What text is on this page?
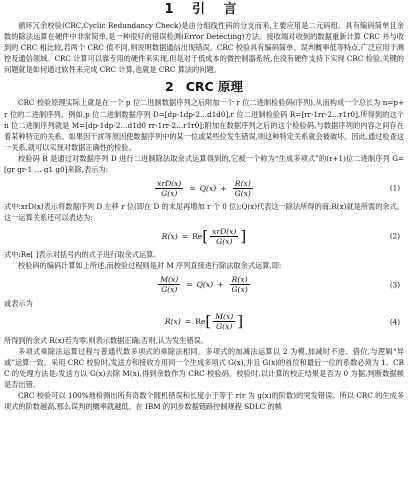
1 引 言

循环冗余校验(CRC,Cyclic Redundancy Check)是由分组线性码的分支而来,主要应用是二元码组。具有编码简单且余数的除法运算在硬件中非常简单,是一种很好的错误检测(Error Detecting)方法。接收端对收到的数据重新计算 CRC 并与收到的 CRC 相比较,若两个 CRC 值不同,则说明数据通信出现错误。CRC 校验具有编码简单、误判概率低等特点,广泛应用于测控及通信领域。CRC 计算可以靠专用的硬件来实现,但是对于低成本的微控制器系统,在没有硬件支持下实现 CRC 检验,关键的问题就是如何通过软件来完成 CRC 计算,也就是 CRC 算法的问题。

2 CRC 原理

CRC 校验原理实际上就是在一个 p 位二进制数据序列之后附加一个 r 位二进制检验码(序列),从而构成一个总长为 n=p+r 位的二进制序列。例如,p 位二进制数据序列 D=[dp-1dp-2…d1d0],r 位二进制检验码 R=[rr-1rr-2…r1r0],所得到的这个 n 位二进制序列就是 M=[dp-1dp-2…d1d0 rr-1rr-2…r1r0];附加在数据序列之后的这个检验码,与数据序列的内容之间存在着某种特定的关系。如果因干扰等原因使数据序列中的某一位或某些位发生错误,则这种特定关系就会被破坏。因此,通过检查这一关系,就可以实现对数据正确性的检验。

校验码 R 是通过对数据序列 D 进行二进制除法取余式运算得到的,它被一个称为“生成多项式”的(r+1)位二进制序列 G=[gr gr-1 … g1 g0]来除,表示为:

$\frac{\text{xrD(x)}}{G(x)} = Q(x) + \frac{R(x)}{G(x)}$	(1)

式中:xrD(x)表示将数据序列 D 左移 r 位(即在 D 的末尾再增加 r 个 0 位);Q(x)代表这一除法所得的商;R(x)就是所需的余式。这一运算关系还可以表达为:

R(x) = Re [ $\frac{\text{xrD(x)}}{G(x)}$ ]	(2)

式中:Re[ ]表示对括号内的式子进行取余式运算。

校验码的编码计算如上所述,而校验过程则是对 M 序列直接进行除法取余式运算,即:

$\frac{M(x)}{G(x)} = Q(x) + \frac{R(x)}{G(x)}$	(3)

或表示为

R(x) = Re [ $\frac{M(x)}{G(x)}$ ]	(4)

所得到的余式 R(x)若为零,则表示数据正确;否则,认为发生错误。

多项式乘除法运算过程与普通代数多项式的乘除法相同。多项式的加减法运算以 2 为模,加减时不进、借位,与逻辑“异或”运算一致。采用 CRC 校验时,发送方和接收方用同一个生成多项式 G(x),并且 G(x)的首位和最后一位的系数必须为 1。CRC 的处理方法是:发送方以 G(x)去除 M(x),得到余数作为 CRC 校验码。校验时,以计算的校正结果是否为 0 为据,判断数据帧是否出错。

CRC 校验可以 100%地检测出所有奇数个随机错误和长度小于等于 r(r 为 g(x)的阶数)的突发错误。所以 CRC 的生成多项式的阶数越高,那么误判的概率就越低。在 IBM 的同步数据链路控制规程 SDLC 的帧
